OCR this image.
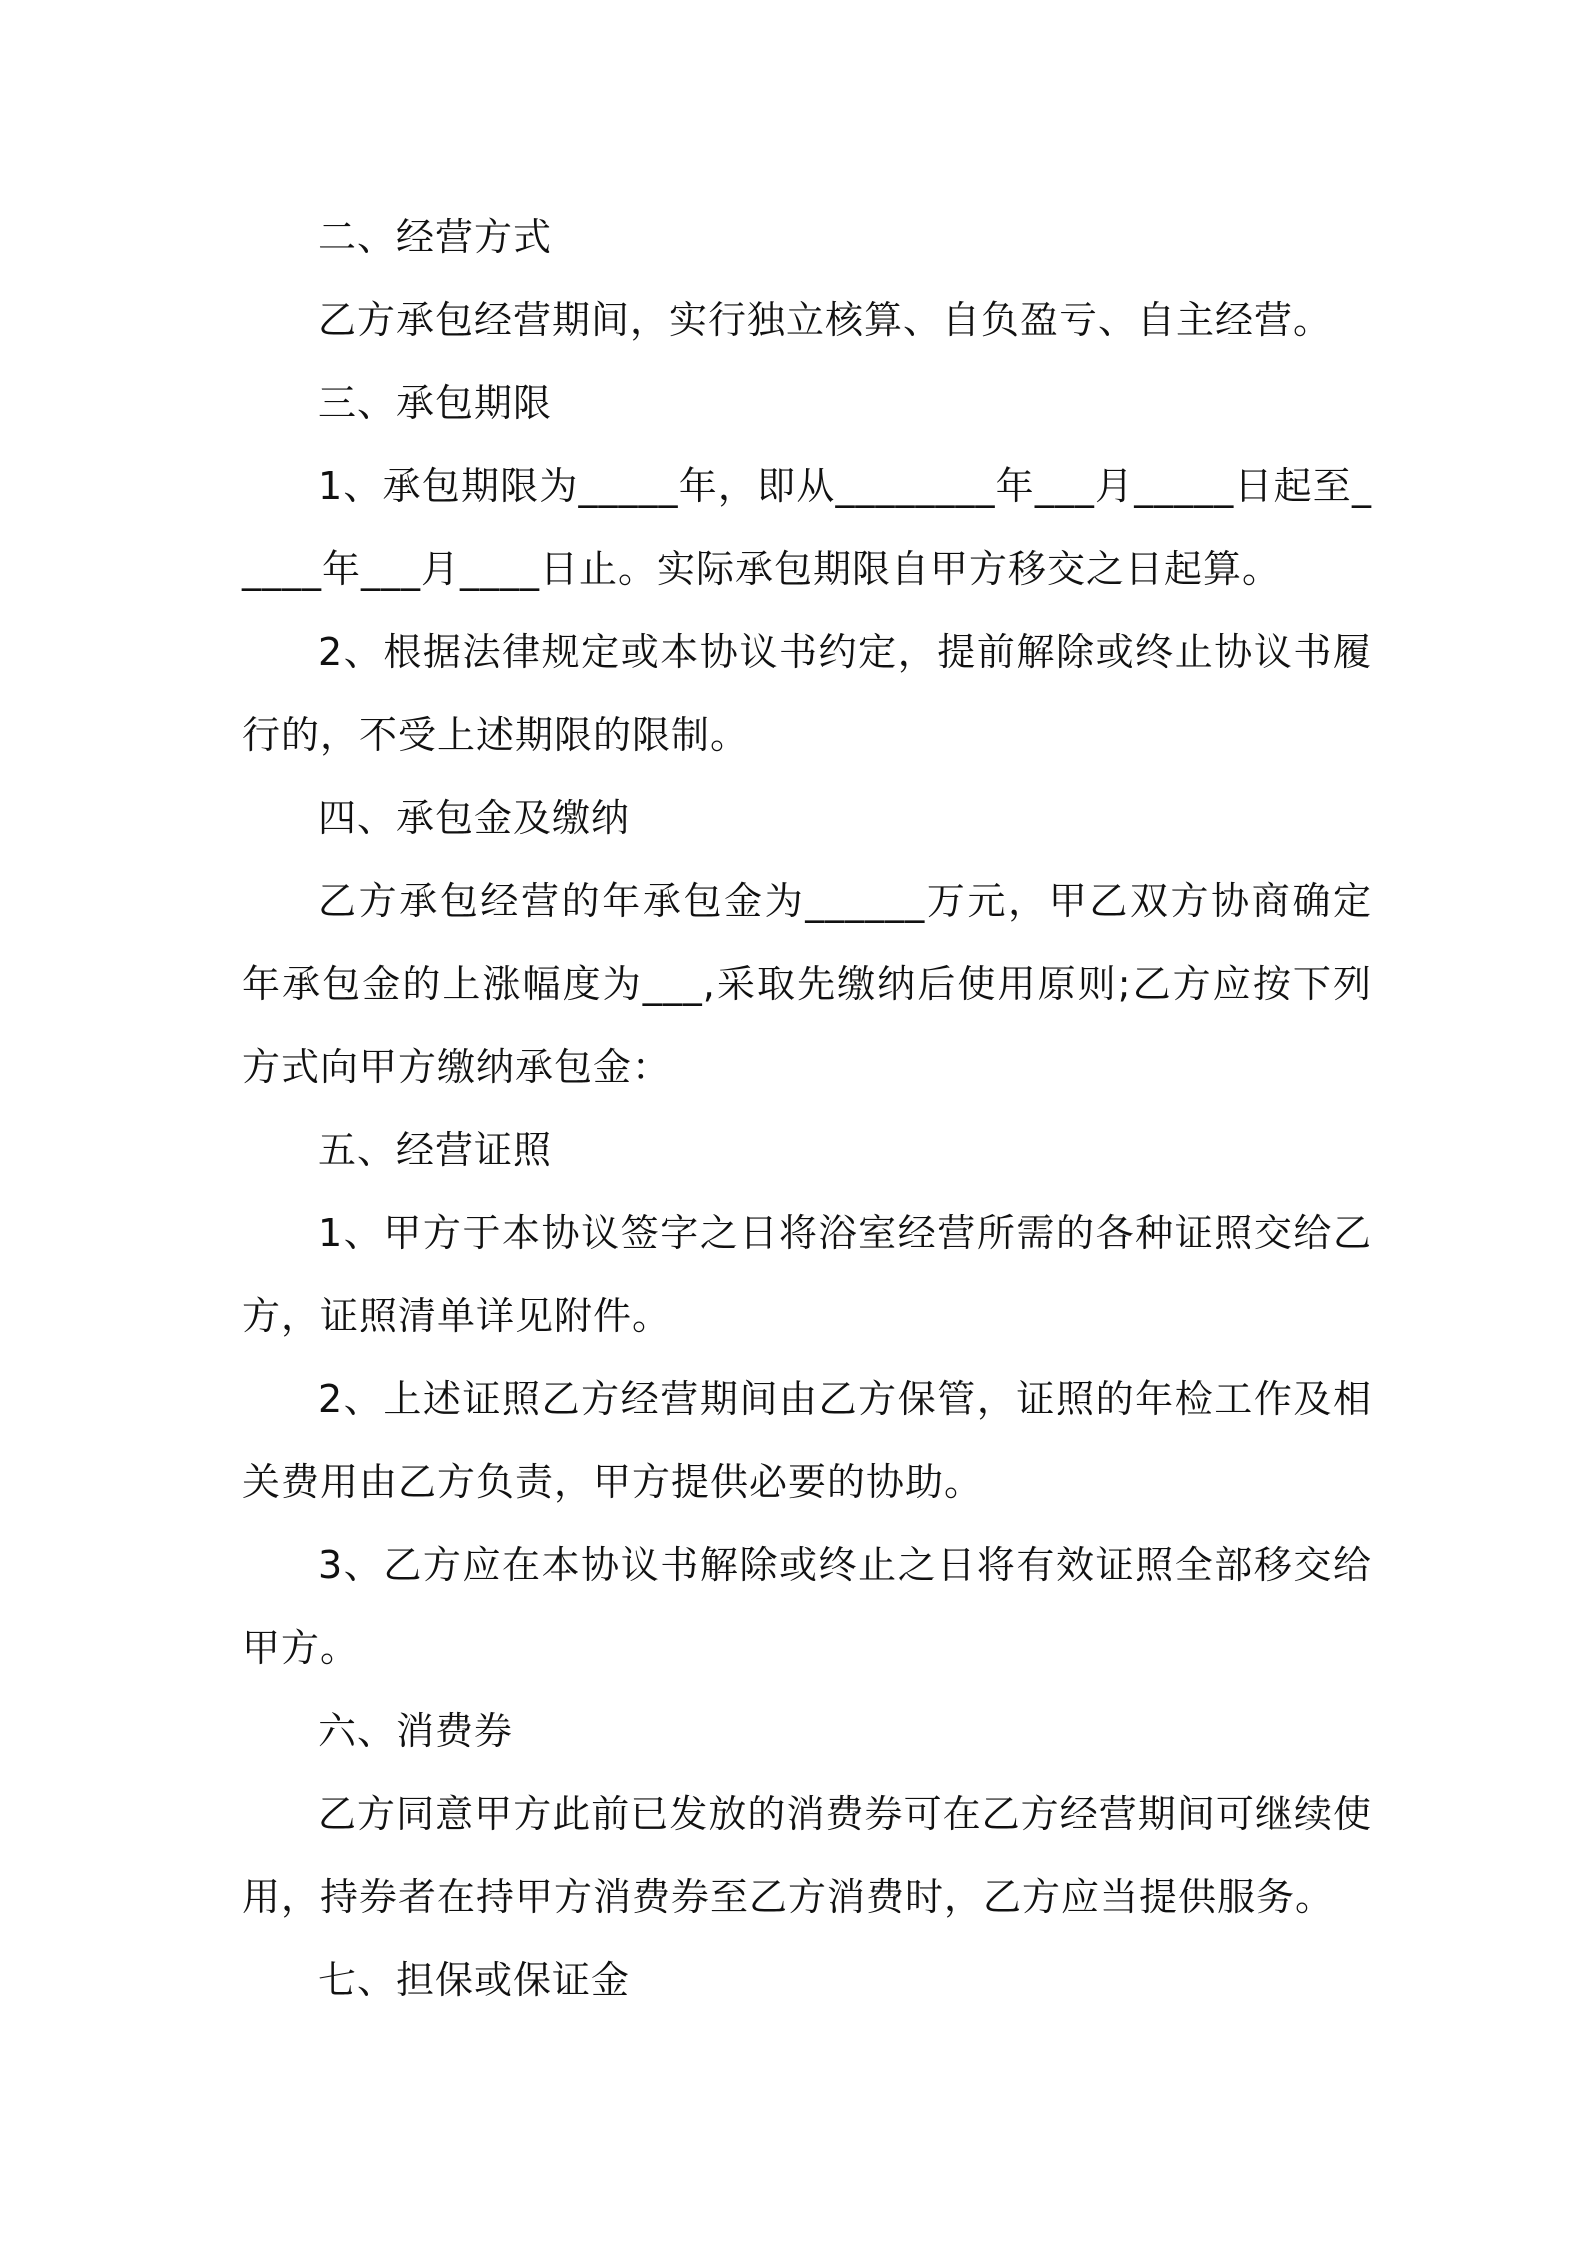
二、经营方式

乙方承包经营期间，实行独立核算、自负盈亏、自主经营。

三、承包期限

1、承包期限为_____年，即从________年___月_____日起至_____年___月____日止。实际承包期限自甲方移交之日起算。

2、根据法律规定或本协议书约定，提前解除或终止协议书履行的，不受上述期限的限制。

四、承包金及缴纳

乙方承包经营的年承包金为______万元，甲乙双方协商确定年承包金的上涨幅度为___,采取先缴纳后使用原则;乙方应按下列方式向甲方缴纳承包金：

五、经营证照

1、甲方于本协议签字之日将浴室经营所需的各种证照交给乙方，证照清单详见附件。

2、上述证照乙方经营期间由乙方保管，证照的年检工作及相关费用由乙方负责，甲方提供必要的协助。

3、乙方应在本协议书解除或终止之日将有效证照全部移交给甲方。

六、消费券

乙方同意甲方此前已发放的消费券可在乙方经营期间可继续使用，持券者在持甲方消费券至乙方消费时，乙方应当提供服务。

七、担保或保证金
